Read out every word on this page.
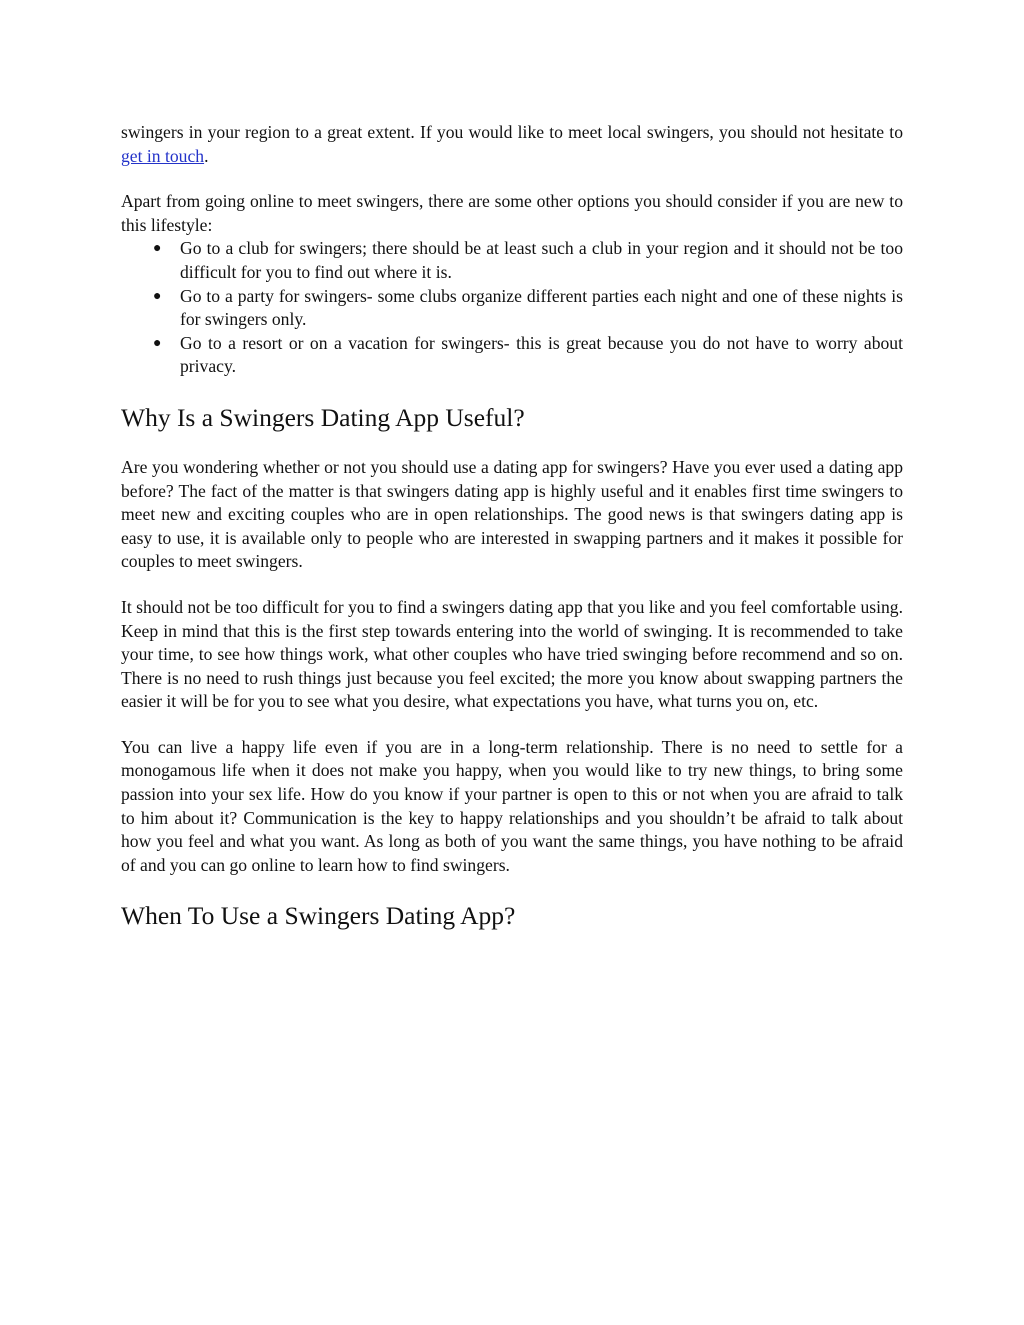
swingers in your region to a great extent. If you would like to meet local swingers, you should not hesitate to get in touch.

Apart from going online to meet swingers, there are some other options you should consider if you are new to this lifestyle:

● Go to a club for swingers; there should be at least such a club in your region and it should not be too difficult for you to find out where it is.
● Go to a party for swingers- some clubs organize different parties each night and one of these nights is for swingers only.
● Go to a resort or on a vacation for swingers- this is great because you do not have to worry about privacy.
Why Is a Swingers Dating App Useful?

Are you wondering whether or not you should use a dating app for swingers? Have you ever used a dating app before? The fact of the matter is that swingers dating app is highly useful and it enables first time swingers to meet new and exciting couples who are in open relationships. The good news is that swingers dating app is easy to use, it is available only to people who are interested in swapping partners and it makes it possible for couples to meet swingers.

It should not be too difficult for you to find a swingers dating app that you like and you feel comfortable using. Keep in mind that this is the first step towards entering into the world of swinging. It is recommended to take your time, to see how things work, what other couples who have tried swinging before recommend and so on. There is no need to rush things just because you feel excited; the more you know about swapping partners the easier it will be for you to see what you desire, what expectations you have, what turns you on, etc.

You can live a happy life even if you are in a long-term relationship. There is no need to settle for a monogamous life when it does not make you happy, when you would like to try new things, to bring some passion into your sex life. How do you know if your partner is open to this or not when you are afraid to talk to him about it? Communication is the key to happy relationships and you shouldn’t be afraid to talk about how you feel and what you want. As long as both of you want the same things, you have nothing to be afraid of and you can go online to learn how to find swingers.

When To Use a Swingers Dating App?
